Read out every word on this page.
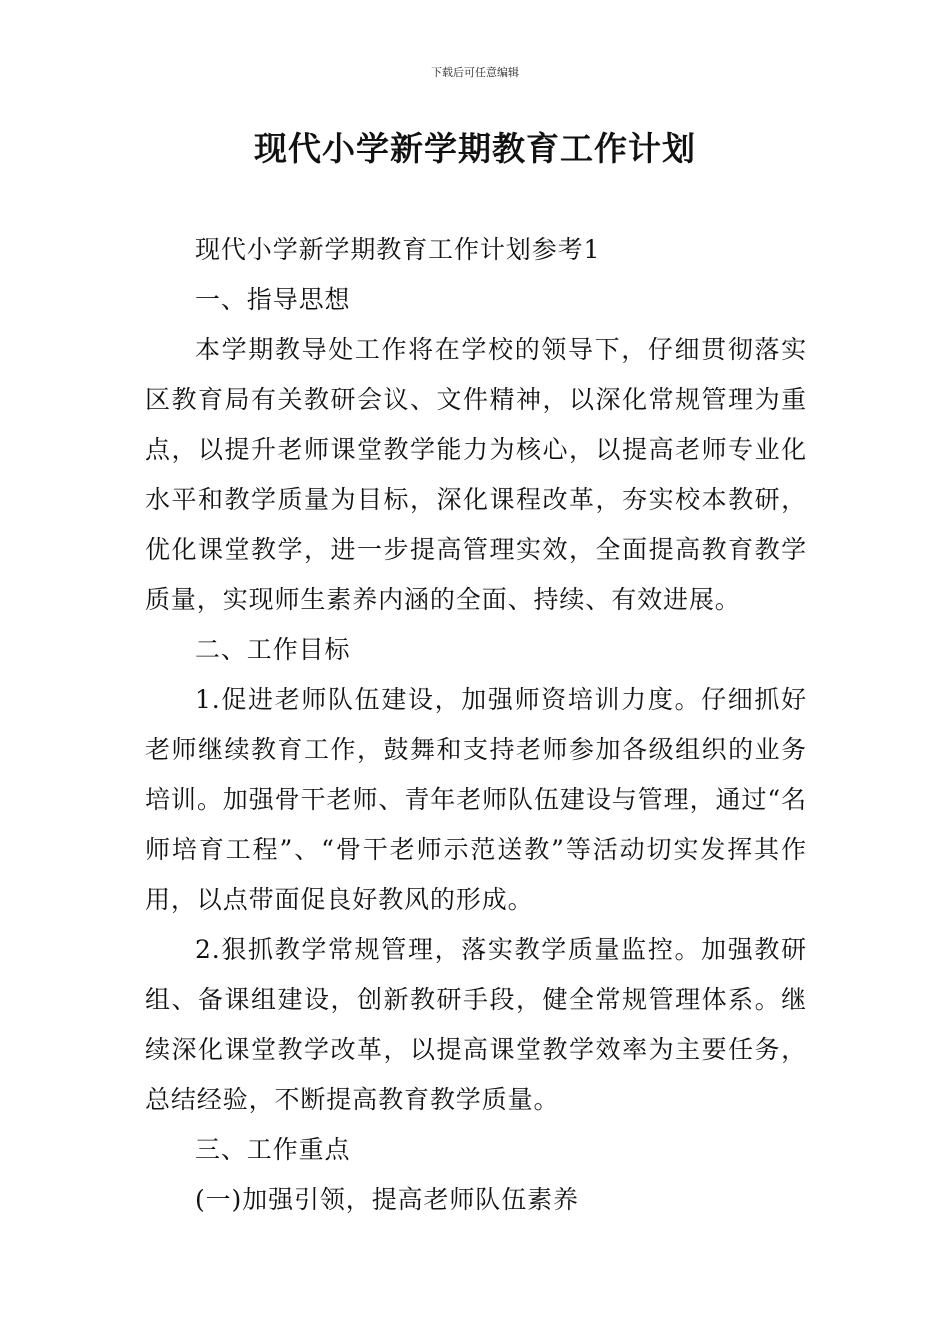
下载后可任意编辑
现代小学新学期教育工作计划

现代小学新学期教育工作计划参考1

一、指导思想

本学期教导处工作将在学校的领导下，仔细贯彻落实区教育局有关教研会议、文件精神，以深化常规管理为重点，以提升老师课堂教学能力为核心，以提高老师专业化水平和教学质量为目标，深化课程改革，夯实校本教研，优化课堂教学，进一步提高管理实效，全面提高教育教学质量，实现师生素养内涵的全面、持续、有效进展。

二、工作目标

1.促进老师队伍建设，加强师资培训力度。仔细抓好老师继续教育工作，鼓舞和支持老师参加各级组织的业务培训。加强骨干老师、青年老师队伍建设与管理，通过“名师培育工程”、“骨干老师示范送教”等活动切实发挥其作用，以点带面促良好教风的形成。

2.狠抓教学常规管理，落实教学质量监控。加强教研组、备课组建设，创新教研手段，健全常规管理体系。继续深化课堂教学改革，以提高课堂教学效率为主要任务，总结经验，不断提高教育教学质量。

三、工作重点

(一)加强引领，提高老师队伍素养
